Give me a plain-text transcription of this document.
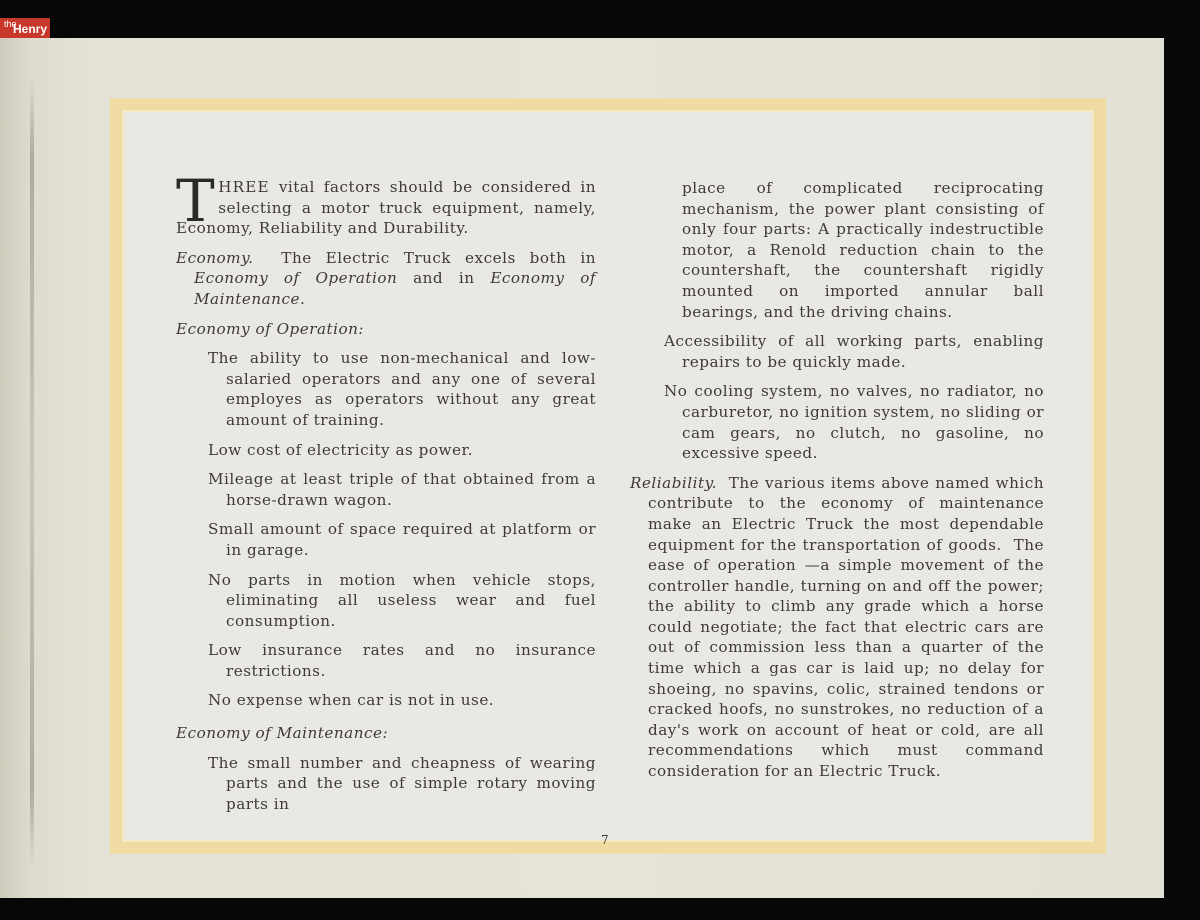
the
Henry

THREE vital factors should be considered in selecting a motor truck equipment, namely, Economy, Reliability and Durability.

Economy.  The Electric Truck excels both in Economy of Operation and in Economy of Maintenance.

Economy of Operation:

The ability to use non-mechanical and low-salaried operators and any one of several employes as operators without any great amount of training.

Low cost of electricity as power.

Mileage at least triple of that obtained from a horse-drawn wagon.

Small amount of space required at platform or in garage.

No parts in motion when vehicle stops, eliminating all useless wear and fuel consumption.

Low insurance rates and no insurance restrictions.

No expense when car is not in use.

Economy of Maintenance:

The small number and cheapness of wearing parts and the use of simple rotary moving parts in

place of complicated reciprocating mechanism, the power plant consisting of only four parts: A practically indestructible motor, a Renold reduction chain to the countershaft, the countershaft rigidly mounted on imported annular ball bearings, and the driving chains.

Accessibility of all working parts, enabling repairs to be quickly made.

No cooling system, no valves, no radiator, no carburetor, no ignition system, no sliding or cam gears, no clutch, no gasoline, no excessive speed.

Reliability.  The various items above named which contribute to the economy of maintenance make an Electric Truck the most dependable equipment for the transportation of goods.  The ease of operation —a simple movement of the controller handle, turning on and off the power; the ability to climb any grade which a horse could negotiate; the fact that electric cars are out of commission less than a quarter of the time which a gas car is laid up; no delay for shoeing, no spavins, colic, strained tendons or cracked hoofs, no sunstrokes, no reduction of a day's work on account of heat or cold, are all recommendations which must command consideration for an Electric Truck.

7
